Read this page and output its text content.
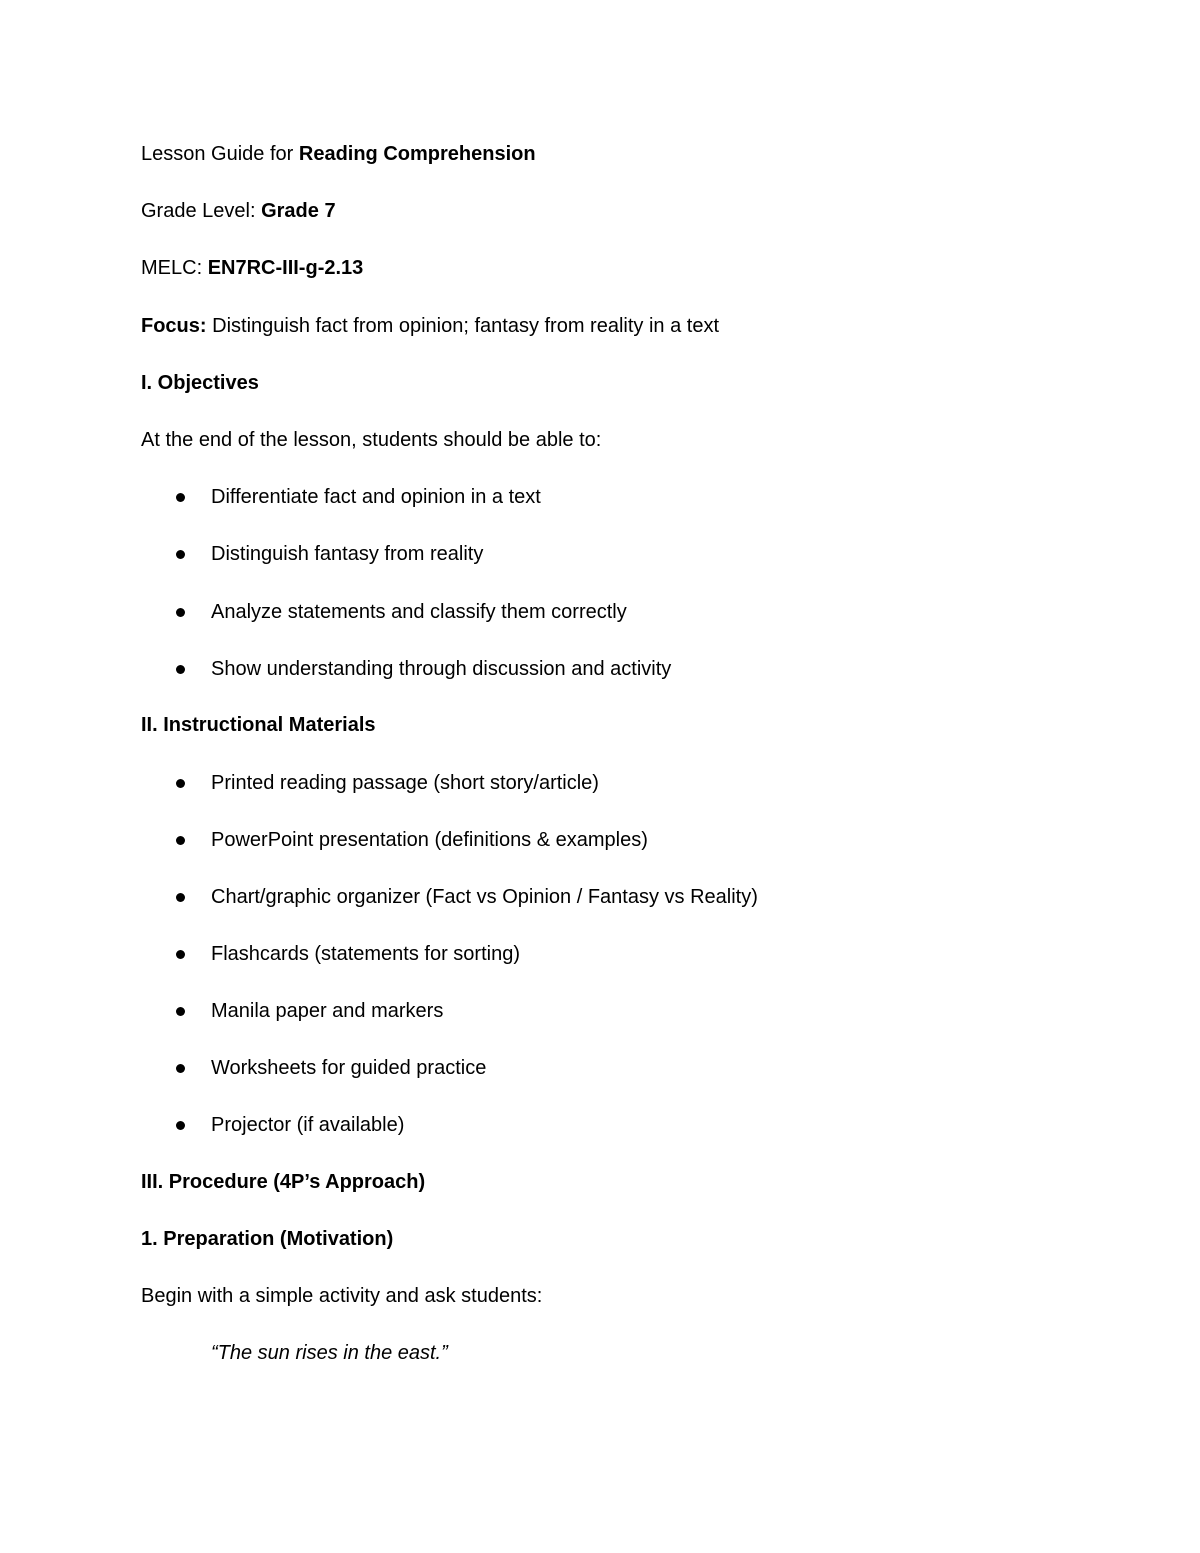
Lesson Guide for Reading Comprehension
Grade Level: Grade 7
MELC: EN7RC-III-g-2.13
Focus: Distinguish fact from opinion; fantasy from reality in a text
I. Objectives
At the end of the lesson, students should be able to:
Differentiate fact and opinion in a text
Distinguish fantasy from reality
Analyze statements and classify them correctly
Show understanding through discussion and activity
II. Instructional Materials
Printed reading passage (short story/article)
PowerPoint presentation (definitions & examples)
Chart/graphic organizer (Fact vs Opinion / Fantasy vs Reality)
Flashcards (statements for sorting)
Manila paper and markers
Worksheets for guided practice
Projector (if available)
III. Procedure (4P’s Approach)
1. Preparation (Motivation)
Begin with a simple activity and ask students:
“The sun rises in the east.”
